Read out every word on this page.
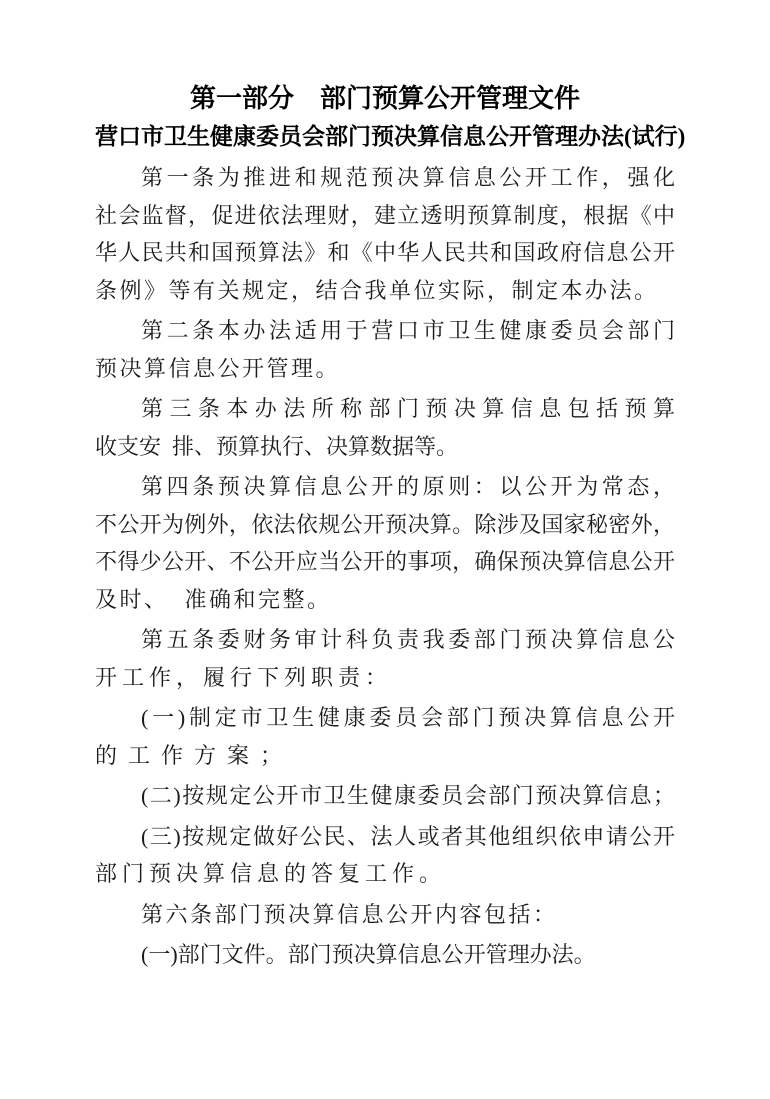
第一部分    部门预算公开管理文件
营口市卫生健康委员会部门预决算信息公开管理办法(试行)
第一条为推进和规范预决算信息公开工作，强化
社会监督，促进依法理财，建立透明预算制度，根据《中
华人民共和国预算法》和《中华人民共和国政府信息公开
条例》等有关规定，结合我单位实际，制定本办法。
第二条本办法适用于营口市卫生健康委员会部门
预决算信息公开管理。
第三条本办法所称部门预决算信息包括预算
收支安  排、预算执行、决算数据等。
第四条预决算信息公开的原则：以公开为常态，
不公开为例外，依法依规公开预决算。除涉及国家秘密外，
不得少公开、不公开应当公开的事项，确保预决算信息公开
及时、  准确和完整。
第五条委财务审计科负责我委部门预决算信息公
开工作，履行下列职责：
(一)制定市卫生健康委员会部门预决算信息公开
的工作方案；
(二)按规定公开市卫生健康委员会部门预决算信息；
(三)按规定做好公民、法人或者其他组织依申请公开
部门预决算信息的答复工作。
第六条部门预决算信息公开内容包括：
(一)部门文件。部门预决算信息公开管理办法。
